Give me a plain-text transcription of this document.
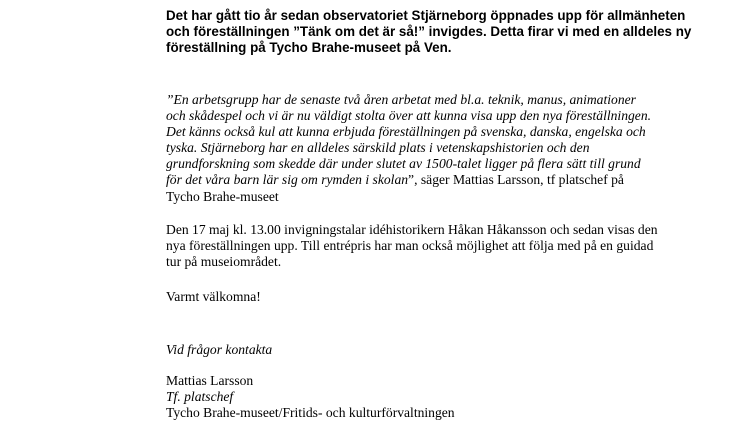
Det har gått tio år sedan observatoriet Stjärneborg öppnades upp för allmänheten och föreställningen ”Tänk om det är så!” invigdes. Detta firar vi med en alldeles ny föreställning på Tycho Brahe-museet på Ven.

”En arbetsgrupp har de senaste två åren arbetat med bl.a. teknik, manus, animationer och skådespel och vi är nu väldigt stolta över att kunna visa upp den nya föreställningen. Det känns också kul att kunna erbjuda föreställningen på svenska, danska, engelska och tyska. Stjärneborg har en alldeles särskild plats i vetenskapshistorien och den grundforskning som skedde där under slutet av 1500-talet ligger på flera sätt till grund för det våra barn lär sig om rymden i skolan”, säger Mattias Larsson, tf platschef på Tycho Brahe-museet

Den 17 maj kl. 13.00 invigningstalar idéhistorikern Håkan Håkansson och sedan visas den nya föreställningen upp. Till entrépris har man också möjlighet att följa med på en guidad tur på museiområdet.

Varmt välkomna!

Vid frågor kontakta

Mattias Larsson
Tf. platschef
Tycho Brahe-museet/Fritids- och kulturförvaltningen
